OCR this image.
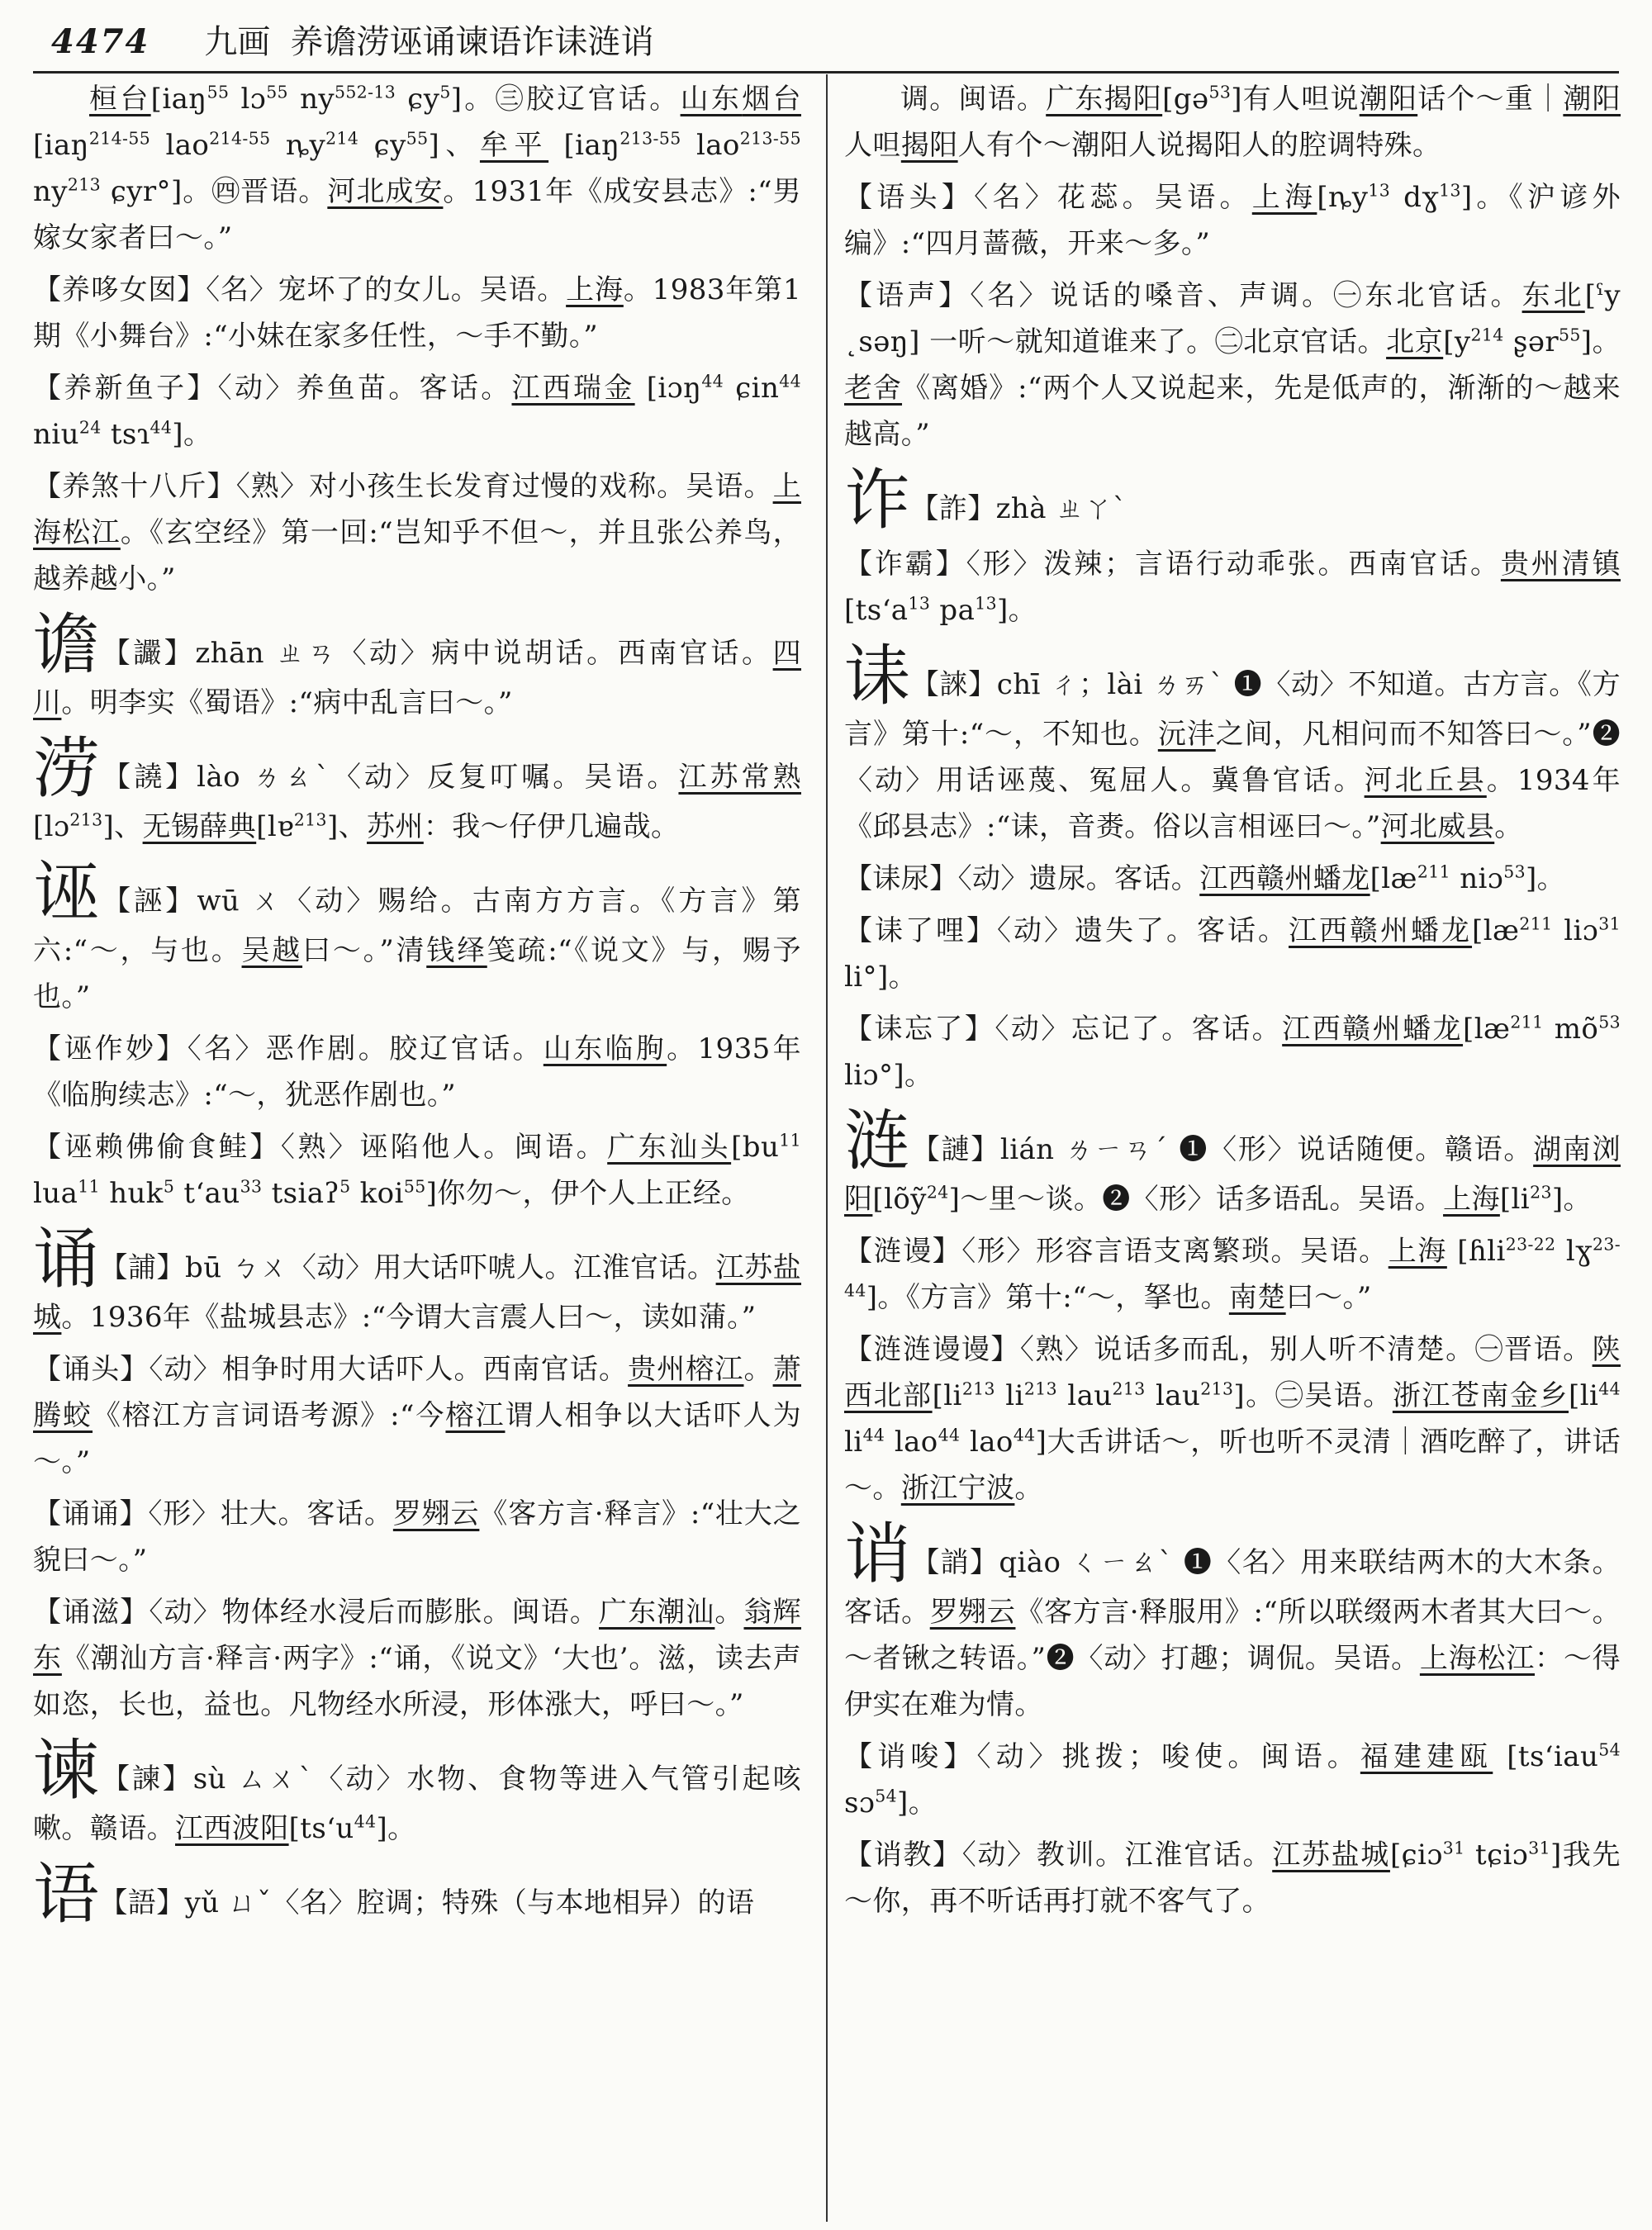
4474 九画 养谵涝诬诵谏语诈诔涟诮

桓台[iaŋ$^{55}$ lɔ$^{55}$ $ny^{552-13}$ ɕy$^5$]。㊂胶辽官话。山东烟台[iaŋ$^{214-55}$ lao$^{214-55}$ $ȵy^{214}$ ɕy$^{55}$]、牟平 [iaŋ$^{213-55}$ lao$^{213-55}$ $ny^{213}$ ɕyr°]。㊃晋语。河北成安。1931年《成安县志》:“男嫁女家者曰～。”

【养哆女囡】〈名〉宠坏了的女儿。吴语。上海。1983年第1期《小舞台》:“小妹在家多任性，～手不勤。”

【养新鱼子】〈动〉养鱼苗。客话。江西瑞金 [iɔŋ$^{44}$ ɕin$^{44}$ niu$^{24}$ tsɿ$^{44}$]。

【养煞十八斤】〈熟〉对小孩生长发育过慢的戏称。吴语。上海松江。《玄空经》第一回:“岂知乎不但～，并且张公养鸟，越养越小。”

谵【讝】zhān ㄓㄢ〈动〉病中说胡话。西南官话。四川。明李实《蜀语》:“病中乱言曰～。”

涝【譊】lào ㄌㄠˋ〈动〉反复叮嘱。吴语。江苏常熟[lɔ$^{213}$]、无锡薛典[lɐ$^{213}$]、苏州：我～仔伊几遍哉。

诬【誣】wū ㄨ〈动〉赐给。古南方方言。《方言》第六:“～，与也。吴越曰～。”清钱绎笺疏:“《说文》与，赐予也。”

【诬作妙】〈名〉恶作剧。胶辽官话。山东临朐。1935年《临朐续志》:“～，犹恶作剧也。”

【诬赖佛偷食鲑】〈熟〉诬陷他人。闽语。广东汕头[$bu^{11}$ lua$^{11}$ huk$^5$ tʻau$^{33}$ tsiaʔ$^5$ koi$^{55}$]你勿～，伊个人上正经。

诵【誧】bū ㄅㄨ〈动〉用大话吓唬人。江淮官话。江苏盐城。1936年《盐城县志》:“今谓大言震人曰～，读如蒲。”

【诵头】〈动〉相争时用大话吓人。西南官话。贵州榕江。萧腾蛟《榕江方言词语考源》:“今榕江谓人相争以大话吓人为～。”

【诵诵】〈形〉壮大。客话。罗翙云《客方言·释言》:“壮大之貌曰～。”

【诵滋】〈动〉物体经水浸后而膨胀。闽语。广东潮汕。翁辉东《潮汕方言·释言·两字》:“诵，《说文》‘大也’。滋，读去声如恣，长也，益也。凡物经水所浸，形体涨大，呼曰～。”

谏【諫】sù ㄙㄨˋ〈动〉水物、食物等进入气管引起咳嗽。赣语。江西波阳[tsʻu$^{44}$]。

语【語】yǔ ㄩˇ〈名〉腔调；特殊（与本地相异）的语

调。闽语。广东揭阳[gə$^{53}$]有人呾说潮阳话个～重｜潮阳人呾揭阳人有个～潮阳人说揭阳人的腔调特殊。

【语头】〈名〉花蕊。吴语。上海[$ȵy^{13}$ dɣ$^{13}$]。《沪谚外编》:“四月蔷薇，开来～多。”

【语声】〈名〉说话的嗓音、声调。㊀东北官话。东北[ˤy ˛səŋ] 一听～就知道谁来了。㊁北京官话。北京[$y^{214}$ ʂər$^{55}$]。老舍《离婚》:“两个人又说起来，先是低声的，渐渐的～越来越高。”

诈【詐】zhà ㄓㄚˋ

【诈霸】〈形〉泼辣；言语行动乖张。西南官话。贵州清镇[tsʻa$^{13}$ $pa^{13}$]。

诔【誺】chī ㄔ；lài ㄌㄞˋ ❶〈动〉不知道。古方言。《方言》第十:“～，不知也。沅沣之间，凡相问而不知答曰～。”❷〈动〉用话诬蔑、冤屈人。冀鲁官话。河北丘县。1934年《邱县志》:“诔，音赉。俗以言相诬曰～。”河北威县。

【诔尿】〈动〉遗尿。客话。江西赣州蟠龙[$læ^{211}$ niɔ$^{53}$]。

【诔了哩】〈动〉遗失了。客话。江西赣州蟠龙[$læ^{211}$ liɔ$^{31}$ li°]。

【诔忘了】〈动〉忘记了。客话。江西赣州蟠龙[$læ^{211}$ $mõ^{53}$ liɔ°]。

涟【謰】lián ㄌㄧㄢˊ ❶〈形〉说话随便。赣语。湖南浏阳[lõỹ$^{24}$]～里～谈。❷〈形〉话多语乱。吴语。上海$[li^{23}]$。

【涟谩】〈形〉形容言语支离繁琐。吴语。上海 [ɦli$^{23-22}$ lɣ$^{23-44}$]。《方言》第十:“～，拏也。南楚曰～。”

【涟涟谩谩】〈熟〉说话多而乱，别人听不清楚。㊀晋语。陕西北部[$li^{213}$ $li^{213}$ lau$^{213}$ lau$^{213}$]。㊁吴语。浙江苍南金乡[$li^{44}$ $li^{44}$ lao$^{44}$ lao$^{44}$]大舌讲话～，听也听不灵清｜酒吃醉了，讲话～。浙江宁波。

诮【誚】qiào ㄑㄧㄠˋ ❶〈名〉用来联结两木的大木条。客话。罗翙云《客方言·释服用》:“所以联缀两木者其大曰～。～者锹之转语。”❷〈动〉打趣；调侃。吴语。上海松江：～得伊实在难为情。

【诮唆】〈动〉挑拨；唆使。闽语。福建建瓯 [tsʻiau$^{54}$ sɔ$^{54}$]。

【诮教】〈动〉教训。江淮官话。江苏盐城[ɕiɔ$^{31}$ tɕiɔ$^{31}$]我先～你，再不听话再打就不客气了。
